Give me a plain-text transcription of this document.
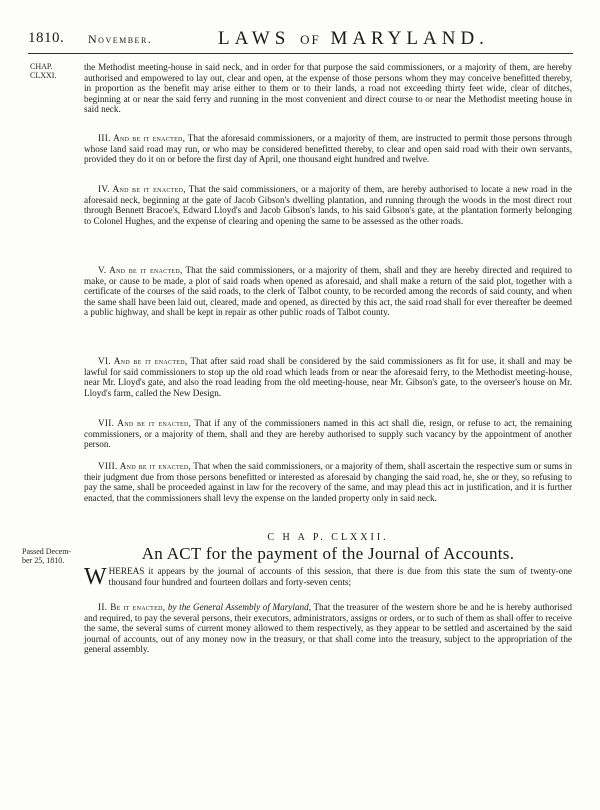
1810. November.	LAWS OF MARYLAND.
CHAP.
CLXXI.
the Methodist meeting-house in said neck, and in order for that purpose the said commissioners, or a majority of them, are hereby authorised and empowered to lay out, clear and open, at the expense of those persons whom they may conceive benefitted thereby, in proportion as the benefit may arise either to them or to their lands, a road not exceeding thirty feet wide, clear of ditches, beginning at or near the said ferry and running in the most convenient and direct course to or near the Methodist meeting house in said neck.
III. And be it enacted, That the aforesaid commissioners, or a majority of them, are instructed to permit those persons through whose land said road may run, or who may be considered benefitted thereby, to clear and open said road with their own servants, provided they do it on or before the first day of April, one thousand eight hundred and twelve.
IV. And be it enacted, That the said commissioners, or a majority of them, are hereby authorised to locate a new road in the aforesaid neck, beginning at the gate of Jacob Gibson's dwelling plantation, and running through the woods in the most direct rout through Bennett Bracoe's, Edward Lloyd's and Jacob Gibson's lands, to his said Gibson's gate, at the plantation formerly belonging to Colonel Hughes, and the expense of clearing and opening the same to be assessed as the other roads.
V. And be it enacted, That the said commissioners, or a majority of them, shall and they are hereby directed and required to make, or cause to be made, a plot of said roads when opened as aforesaid, and shall make a return of the said plot, together with a certificate of the courses of the said roads, to the clerk of Talbot county, to be recorded among the records of said county, and when the same shall have been laid out, cleared, made and opened, as directed by this act, the said road shall for ever thereafter be deemed a public highway, and shall be kept in repair as other public roads of Talbot county.
VI. And be it enacted, That after said road shall be considered by the said commissioners as fit for use, it shall and may be lawful for said commissioners to stop up the old road which leads from or near the aforesaid ferry, to the Methodist meeting-house, near Mr. Lloyd's gate, and also the road leading from the old meeting-house, near Mr. Gibson's gate, to the overseer's house on Mr. Lloyd's farm, called the New Design.
VII. And be it enacted, That if any of the commissioners named in this act shall die, resign, or refuse to act, the remaining commissioners, or a majority of them, shall and they are hereby authorised to supply such vacancy by the appointment of another person.
VIII. And be it enacted, That when the said commissioners, or a majority of them, shall ascertain the respective sum or sums in their judgment due from those persons benefitted or interested as aforesaid by changing the said road, he, she or they, so refusing to pay the same, shall be proceeded against in law for the recovery of the same, and may plead this act in justification, and it is further enacted, that the commissioners shall levy the expense on the landed property only in said neck.
C H A P. CLXXII.
An ACT for the payment of the Journal of Accounts.
Passed Decem-
ber 25, 1810.
WHEREAS it appears by the journal of accounts of this session, that there is due from this state the sum of twenty-one thousand four hundred and fourteen dollars and forty-seven cents;
II. Be it enacted, by the General Assembly of Maryland, That the treasurer of the western shore be and he is hereby authorised and required, to pay the several persons, their executors, administrators, assigns or orders, or to such of them as shall offer to receive the same, the several sums of current money allowed to them respectively, as they appear to be settled and ascertained by the said journal of accounts, out of any money now in the treasury, or that shall come into the treasury, subject to the appropriation of the general assembly.
